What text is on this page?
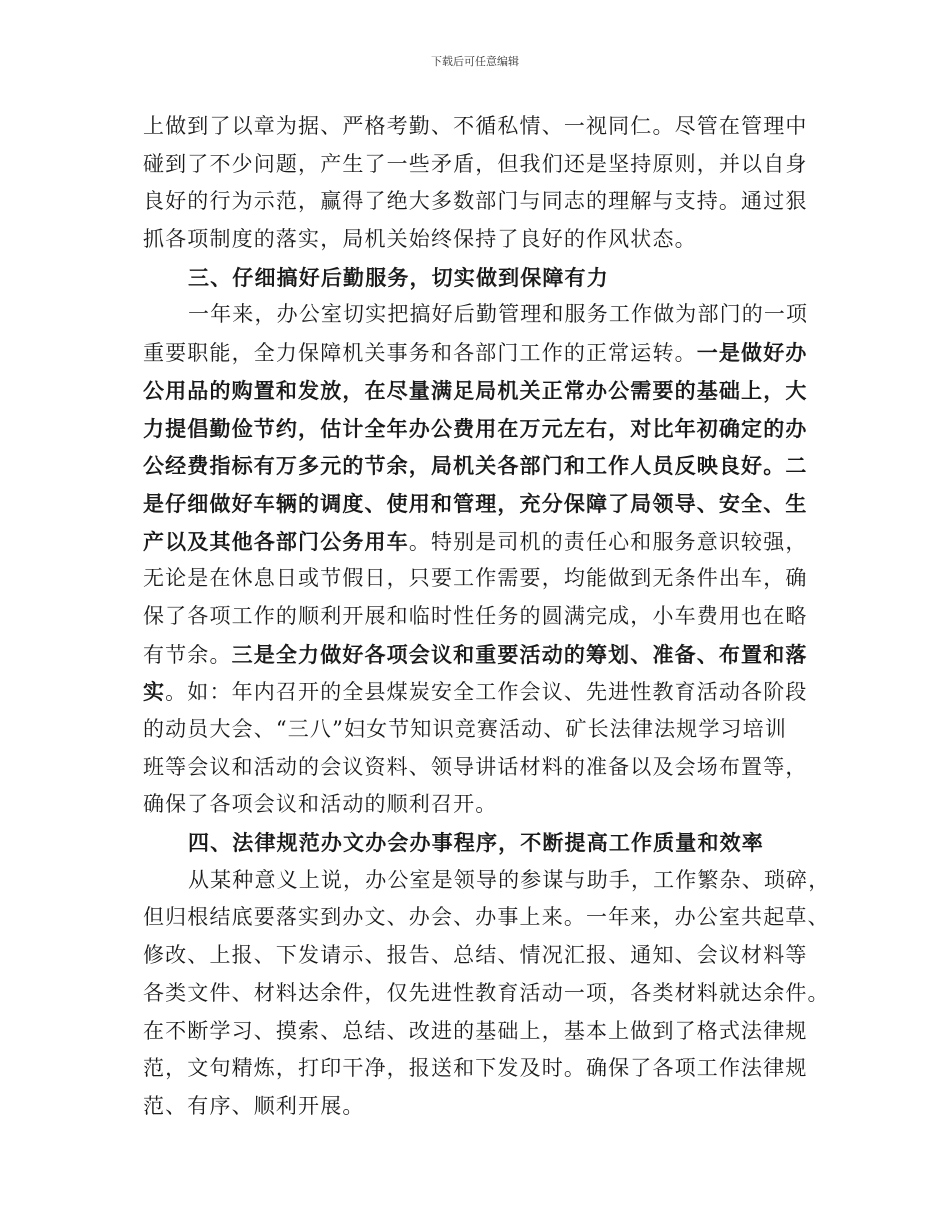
下载后可任意编辑
上做到了以章为据、严格考勤、不循私情、一视同仁。尽管在管理中
碰到了不少问题，产生了一些矛盾，但我们还是坚持原则，并以自身
良好的行为示范，赢得了绝大多数部门与同志的理解与支持。通过狠
抓各项制度的落实，局机关始终保持了良好的作风状态。
三、仔细搞好后勤服务，切实做到保障有力
一年来，办公室切实把搞好后勤管理和服务工作做为部门的一项
重要职能，全力保障机关事务和各部门工作的正常运转。一是做好办
公用品的购置和发放，在尽量满足局机关正常办公需要的基础上，大
力提倡勤俭节约，估计全年办公费用在万元左右，对比年初确定的办
公经费指标有万多元的节余，局机关各部门和工作人员反映良好。二
是仔细做好车辆的调度、使用和管理，充分保障了局领导、安全、生
产以及其他各部门公务用车。特别是司机的责任心和服务意识较强，
无论是在休息日或节假日，只要工作需要，均能做到无条件出车，确
保了各项工作的顺利开展和临时性任务的圆满完成，小车费用也在略
有节余。三是全力做好各项会议和重要活动的筹划、准备、布置和落
实。如：年内召开的全县煤炭安全工作会议、先进性教育活动各阶段
的动员大会、“三八”妇女节知识竞赛活动、矿长法律法规学习培训
班等会议和活动的会议资料、领导讲话材料的准备以及会场布置等，
确保了各项会议和活动的顺利召开。
四、法律规范办文办会办事程序，不断提高工作质量和效率
从某种意义上说，办公室是领导的参谋与助手，工作繁杂、琐碎，
但归根结底要落实到办文、办会、办事上来。一年来，办公室共起草、
修改、上报、下发请示、报告、总结、情况汇报、通知、会议材料等
各类文件、材料达余件，仅先进性教育活动一项，各类材料就达余件。
在不断学习、摸索、总结、改进的基础上，基本上做到了格式法律规
范，文句精炼，打印干净，报送和下发及时。确保了各项工作法律规
范、有序、顺利开展。
